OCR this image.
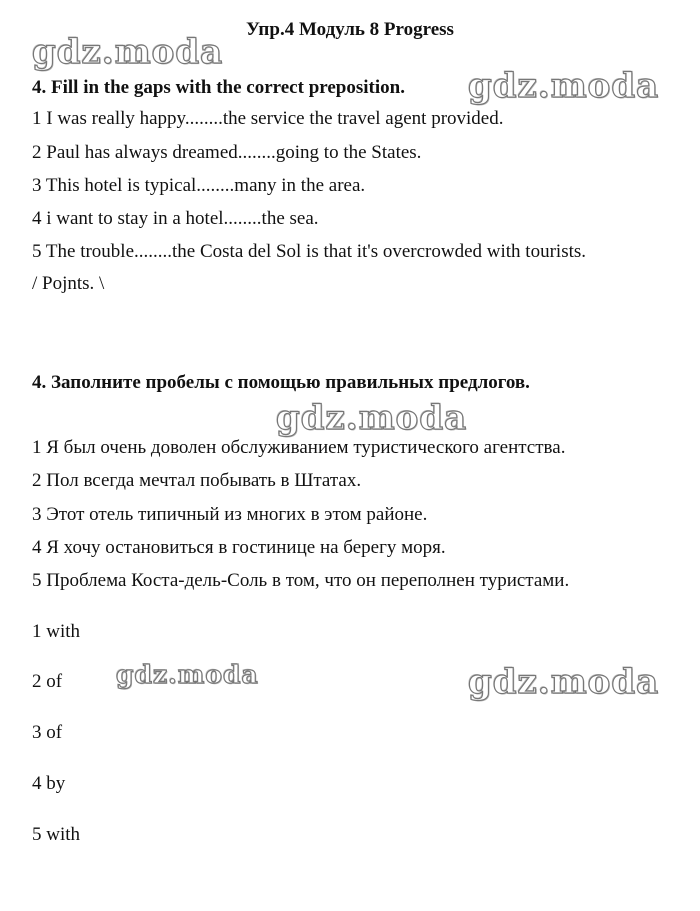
Упр.4 Модуль 8 Progress
gdz.moda
4. Fill in the gaps with the correct preposition. gdz.moda
1 I was really happy........the service the travel agent provided.
2 Paul has always dreamed........going to the States.
3 This hotel is typical........many in the area.
4 i want to stay in a hotel........the sea.
5 The trouble........the Costa del Sol is that it's overcrowded with tourists.
/ Pojnts. \
4. Заполните пробелы с помощью правильных предлогов.
gdz.moda
1 Я был очень доволен обслуживанием туристического агентства.
2 Пол всегда мечтал побывать в Штатах.
3 Этот отель типичный из многих в этом районе.
4 Я хочу остановиться в гостинице на берегу моря.
5 Проблема Коста-дель-Соль в том, что он переполнен туристами.
1 with
2 of gdz.moda	gdz.moda
3 of
4 by
5 with
